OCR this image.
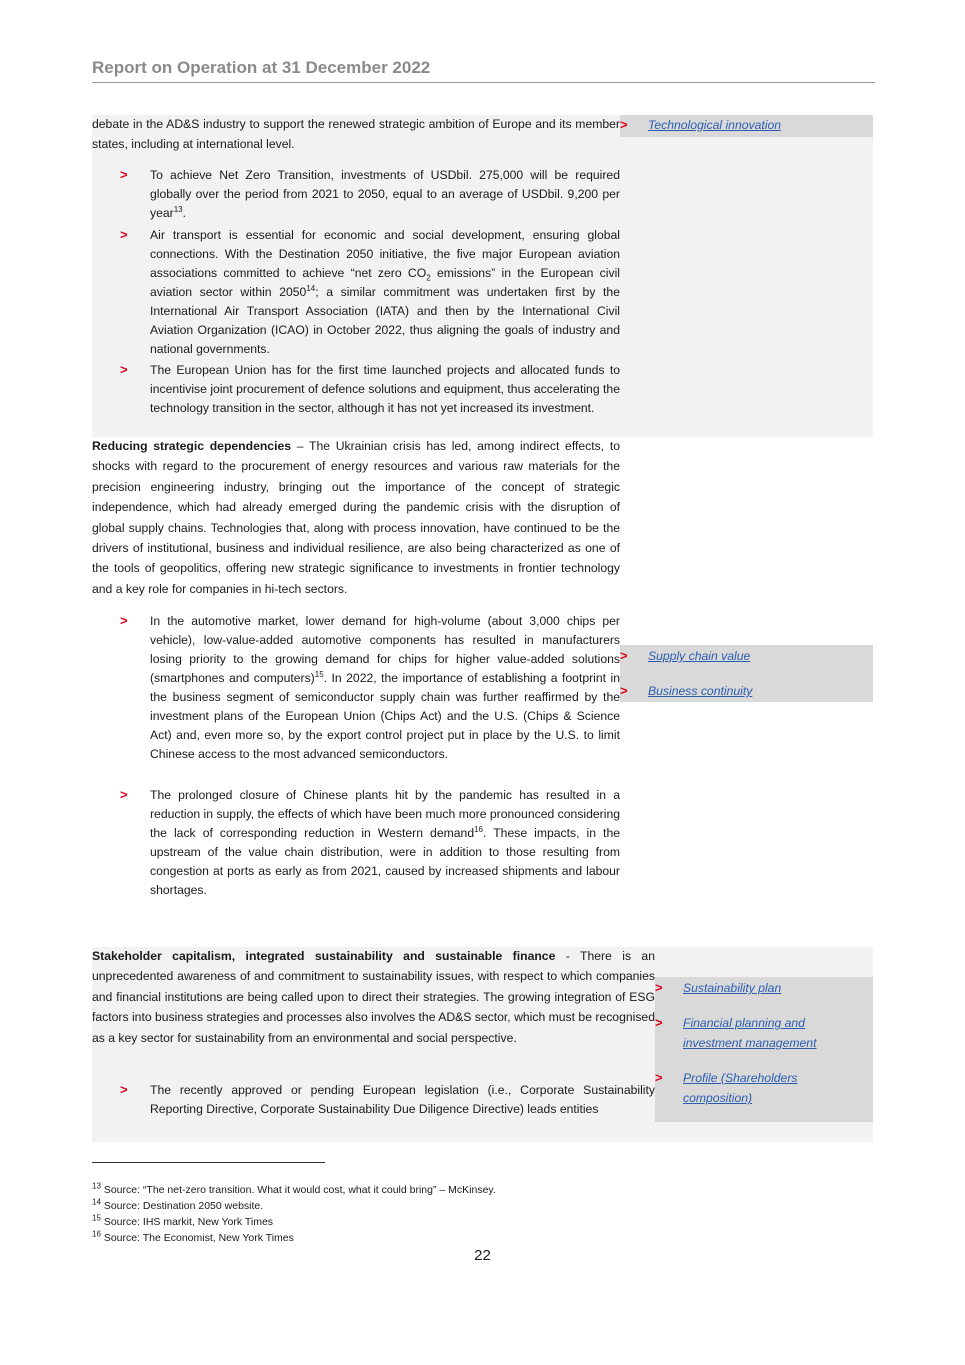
Report on Operation at 31 December 2022
debate in the AD&S industry to support the renewed strategic ambition of Europe and its member states, including at international level.
> To achieve Net Zero Transition, investments of USDbil. 275,000 will be required globally over the period from 2021 to 2050, equal to an average of USDbil. 9,200 per year$^{13}$.
> Air transport is essential for economic and social development, ensuring global connections. With the Destination 2050 initiative, the five major European aviation associations committed to achieve “net zero $CO_2$ emissions” in the European civil aviation sector within 2050$^{14}$; a similar commitment was undertaken first by the International Air Transport Association (IATA) and then by the International Civil Aviation Organization (ICAO) in October 2022, thus aligning the goals of industry and national governments.
> The European Union has for the first time launched projects and allocated funds to incentivise joint procurement of defence solutions and equipment, thus accelerating the technology transition in the sector, although it has not yet increased its investment.
> Technological innovation
Reducing strategic dependencies – The Ukrainian crisis has led, among indirect effects, to shocks with regard to the procurement of energy resources and various raw materials for the precision engineering industry, bringing out the importance of the concept of strategic independence, which had already emerged during the pandemic crisis with the disruption of global supply chains. Technologies that, along with process innovation, have continued to be the drivers of institutional, business and individual resilience, are also being characterized as one of the tools of geopolitics, offering new strategic significance to investments in frontier technology and a key role for companies in hi-tech sectors.
> In the automotive market, lower demand for high-volume (about 3,000 chips per vehicle), low-value-added automotive components has resulted in manufacturers losing priority to the growing demand for chips for higher value-added solutions (smartphones and computers)$^{15}$. In 2022, the importance of establishing a footprint in the business segment of semiconductor supply chain was further reaffirmed by the investment plans of the European Union (Chips Act) and the U.S. (Chips & Science Act) and, even more so, by the export control project put in place by the U.S. to limit Chinese access to the most advanced semiconductors.
> The prolonged closure of Chinese plants hit by the pandemic has resulted in a reduction in supply, the effects of which have been much more pronounced considering the lack of corresponding reduction in Western demand$^{16}$. These impacts, in the upstream of the value chain distribution, were in addition to those resulting from congestion at ports as early as from 2021, caused by increased shipments and labour shortages.
> Supply chain value
> Business continuity
Stakeholder capitalism, integrated sustainability and sustainable finance - There is an unprecedented awareness of and commitment to sustainability issues, with respect to which companies and financial institutions are being called upon to direct their strategies. The growing integration of ESG factors into business strategies and processes also involves the AD&S sector, which must be recognised as a key sector for sustainability from an environmental and social perspective.
> The recently approved or pending European legislation (i.e., Corporate Sustainability Reporting Directive, Corporate Sustainability Due Diligence Directive) leads entities
> Sustainability plan
> Financial planning and investment management
> Profile (Shareholders composition)
$^{13}$ Source: “The net-zero transition. What it would cost, what it could bring” – McKinsey.
$^{14}$ Source: Destination 2050 website.
$^{15}$ Source: IHS markit, New York Times
$^{16}$ Source: The Economist, New York Times
22
